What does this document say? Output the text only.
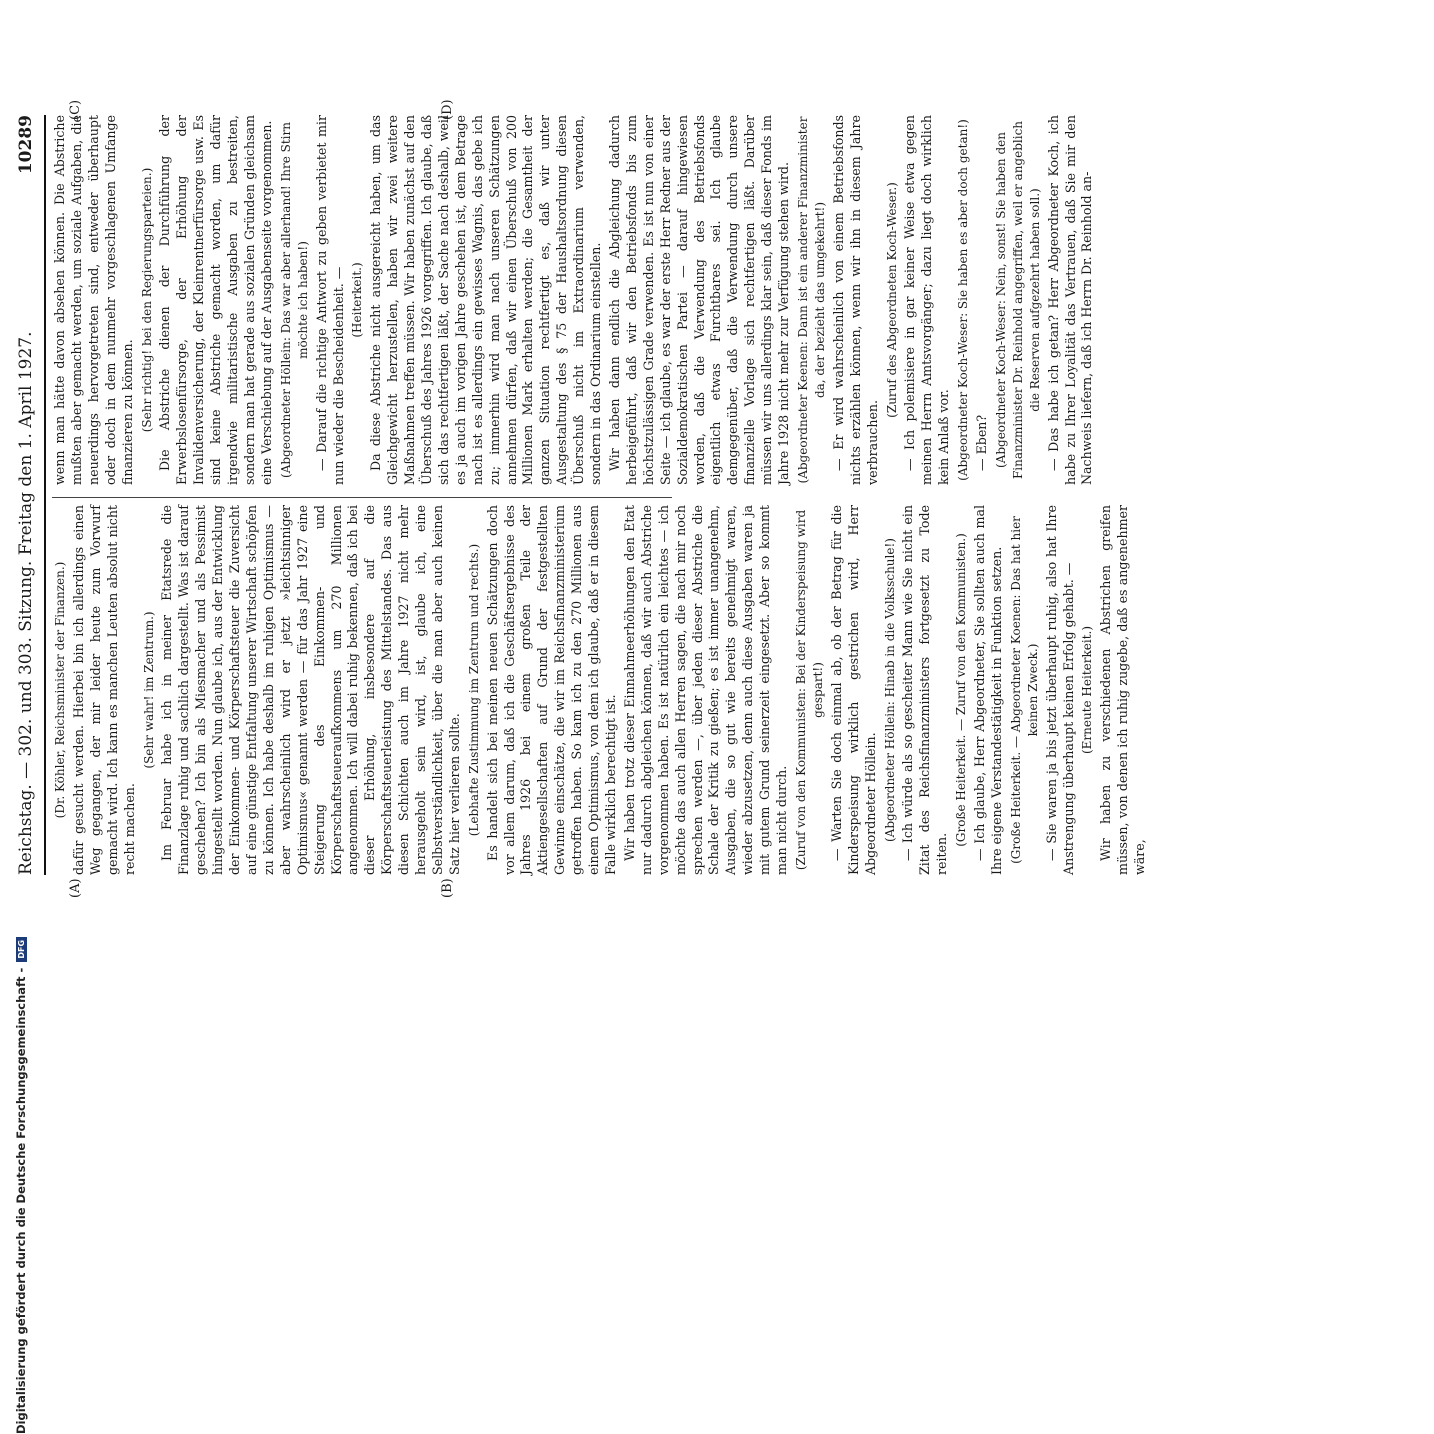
Reichstag. — 302. und 303. Sitzung. Freitag den 1. April 1927.
10289
(A)	(B)
(C)	(D)

(Dr. Köhler, Reichsminister der Finanzen.) dafür gesucht werden. Hierbei bin ich allerdings einen Weg gegangen, der mir leider heute zum Vorwurf gemacht wird. Ich kann es manchen Leuten absolut nicht recht machen.

(Sehr wahr! im Zentrum.) Im Februar habe ich in meiner Etatsrede die Finanzlage ruhig und sachlich dargestellt. Was ist darauf geschehen? Ich bin als Miesmacher und als Pessimist hingestellt worden. Nun glaube ich, aus der Entwicklung der Einkommen- und Körperschaftsteuer die Zuversicht auf eine günstige Entfaltung unserer Wirtschaft schöpfen zu können. Ich habe deshalb im ruhigen Optimismus — aber wahrscheinlich wird er jetzt »leichtsinniger Optimismus« genannt werden — für das Jahr 1927 eine Steigerung des Einkommen- und Körperschaftsteueraufkommens um 270 Millionen angenommen. Ich will dabei ruhig bekennen, daß ich bei dieser Erhöhung, insbesondere auf die Körperschaftsteuerleistung des Mittelstandes. Das aus diesen Schichten auch im Jahre 1927 nicht mehr herausgeholt sein wird, ist, glaube ich, eine Selbstverständlichkeit, über die man aber auch keinen Satz hier verlieren sollte. (Lebhafte Zustimmung im Zentrum und rechts.) Es handelt sich bei meinen neuen Schätzungen doch vor allem darum, daß ich die Geschäftsergebnisse des Jahres 1926 bei einem großen Teile der Aktiengesellschaften auf Grund der festgestellten Gewinne einschätze, die wir im Reichsfinanzministerium getroffen haben. So kam ich zu den 270 Millionen aus einem Optimismus, von dem ich glaube, daß er in diesem Falle wirklich berechtigt ist. Wir haben trotz dieser Einnahmeerhöhungen den Etat nur dadurch abgleichen können, daß wir auch Abstriche vorgenommen haben. Es ist natürlich ein leichtes — ich möchte das auch allen Herren sagen, die nach mir noch sprechen werden —, über jeden dieser Abstriche die Schale der Kritik zu gießen; es ist immer unangenehm, Ausgaben, die so gut wie bereits genehmigt waren, wieder abzusetzen, denn auch diese Ausgaben waren ja mit gutem Grund seinerzeit eingesetzt. Aber so kommt man nicht durch. (Zuruf von den Kommunisten: Bei der Kinderspeisung wird gespart!) — Warten Sie doch einmal ab, ob der Betrag für die Kinderspeisung wirklich gestrichen wird, Herr Abgeordneter Höllein. (Abgeordneter Höllein: Hinab in die Volksschule!) — Ich würde als so gescheiter Mann wie Sie nicht ein Zitat des Reichsfinanzministers fortgesetzt zu Tode reiten.

(Große Heiterkeit. — Zuruf von den Kommunisten.) — Ich glaube, Herr Abgeordneter, Sie sollten auch mal Ihre eigene Verstandestätigkeit in Funktion setzen. (Große Heiterkeit. — Abgeordneter Koenen: Das hat hier keinen Zweck.) — Sie waren ja bis jetzt überhaupt ruhig, also hat Ihre Anstrengung überhaupt keinen Erfolg gehabt. — (Erneute Heiterkeit.) Wir haben zu verschiedenen Abstrichen greifen müssen, von denen ich ruhig zugebe, daß es angenehmer wäre,

wenn man hätte davon absehen können. Die Abstriche mußten aber gemacht werden, um soziale Aufgaben, die neuerdings hervorgetreten sind, entweder überhaupt oder doch in dem nunmehr vorgeschlagenen Umfange finanzieren zu können. (Sehr richtig! bei den Regierungsparteien.) Die Abstriche dienen der Durchführung der Erwerbslosenfürsorge, der Erhöhung der Invalidenversicherung, der Kleinrentnerfürsorge usw. Es sind keine Abstriche gemacht worden, um dafür irgendwie militaristische Ausgaben zu bestreiten, sondern man hat gerade aus sozialen Gründen gleichsam eine Verschiebung auf der Ausgabenseite vorgenommen. (Abgeordneter Höllein: Das war aber allerhand! Ihre Stirn möchte ich haben!) — Darauf die richtige Antwort zu geben verbietet mir nun wieder die Bescheidenheit. — (Heiterkeit.) Da diese Abstriche nicht ausgereicht haben, um das Gleichgewicht herzustellen, haben wir zwei weitere Maßnahmen treffen müssen. Wir haben zunächst auf den Überschuß des Jahres 1926 vorgegriffen. Ich glaube, daß sich das rechtfertigen läßt, der Sache nach deshalb, weil es ja auch im vorigen Jahre geschehen ist, dem Betrage nach ist es allerdings ein gewisses Wagnis, das gebe ich zu; immerhin wird man nach unseren Schätzungen annehmen dürfen, daß wir einen Überschuß von 200 Millionen Mark erhalten werden; die Gesamtheit der ganzen Situation rechtfertigt es, daß wir unter Ausgestaltung des § 75 der Haushaltsordnung diesen Überschuß nicht im Extraordinarium verwenden, sondern in das Ordinarium einstellen. Wir haben dann endlich die Abgleichung dadurch herbeigeführt, daß wir den Betriebsfonds bis zum höchstzulässigen Grade verwenden. Es ist nun von einer Seite — ich glaube, es war der erste Herr Redner aus der Sozialdemokratischen Partei — darauf hingewiesen worden, daß die Verwendung des Betriebsfonds eigentlich etwas Furchtbares sei. Ich glaube demgegenüber, daß die Verwendung durch unsere finanzielle Vorlage sich rechtfertigen läßt. Darüber müssen wir uns allerdings klar sein, daß dieser Fonds im Jahre 1928 nicht mehr zur Verfügung stehen wird. (Abgeordneter Keenen: Dann ist ein anderer Finanzminister da, der bezieht das umgekehrt!) — Er wird wahrscheinlich von einem Betriebsfonds nichts erzählen können, wenn wir ihn in diesem Jahre verbrauchen.

(Zuruf des Abgeordneten Koch-Weser.) — Ich polemisiere in gar keiner Weise etwa gegen meinen Herrn Amtsvorgänger; dazu liegt doch wirklich kein Anlaß vor. (Abgeordneter Koch-Weser: Sie haben es aber doch getan!) — Eben? (Abgeordneter Koch-Weser: Nein, sonst! Sie haben den Finanzminister Dr. Reinhold angegriffen, weil er angeblich die Reserven aufgezehrt haben soll.) — Das habe ich getan? Herr Abgeordneter Koch, ich habe zu Ihrer Loyalität das Vertrauen, daß Sie mir den Nachweis liefern, daß ich Herrn Dr. Reinhold an-

Digitalisierung gefördert durch die Deutsche Forschungsgemeinschaft -
DFG
